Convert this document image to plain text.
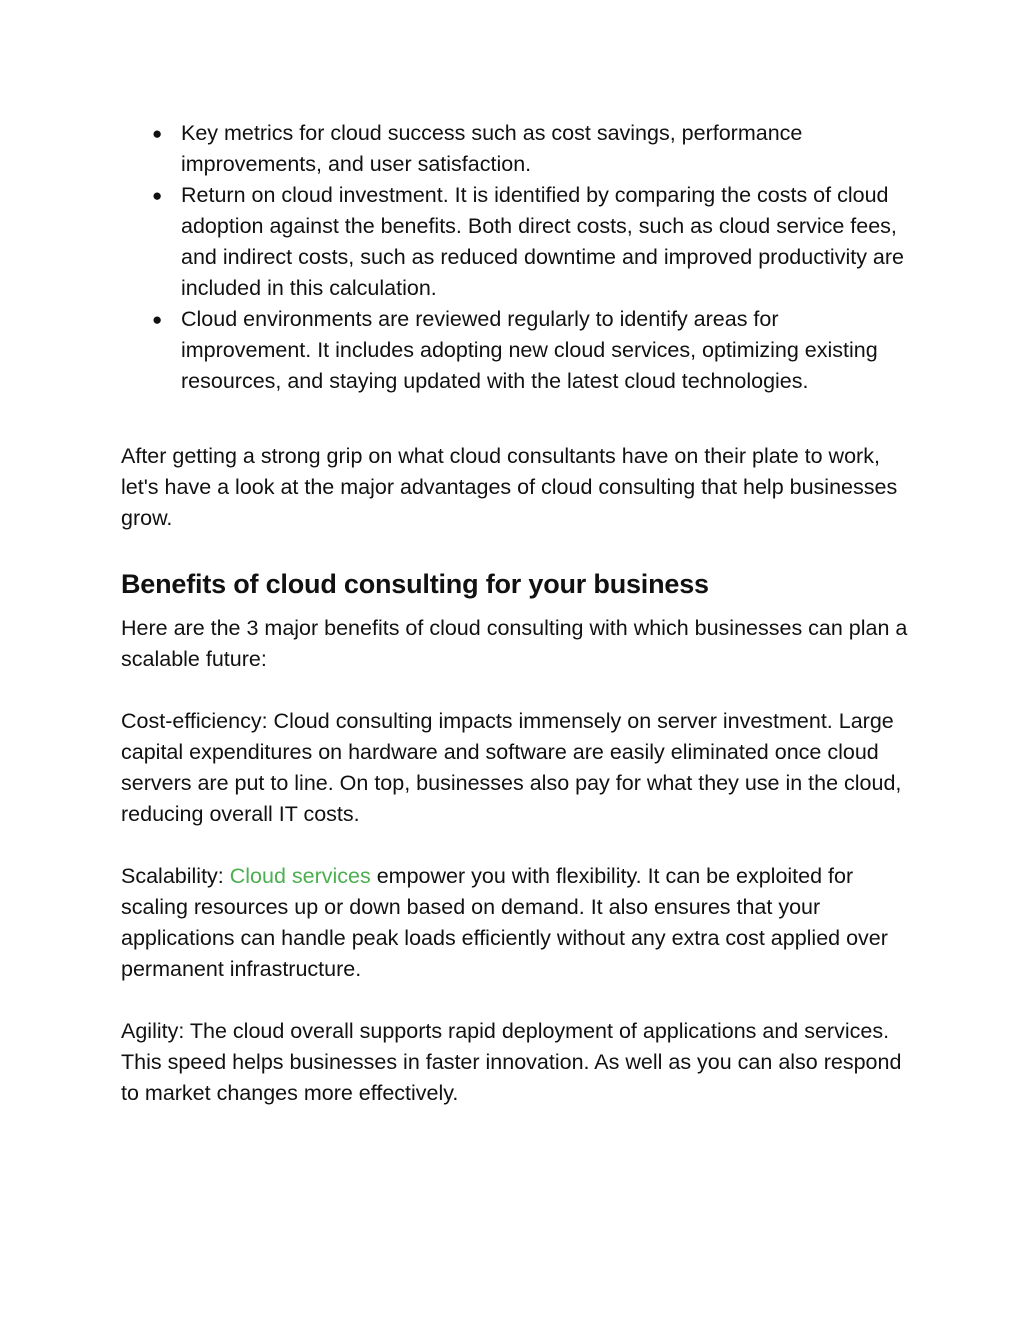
● Key metrics for cloud success such as cost savings, performance improvements, and user satisfaction.
● Return on cloud investment. It is identified by comparing the costs of cloud adoption against the benefits. Both direct costs, such as cloud service fees, and indirect costs, such as reduced downtime and improved productivity are included in this calculation.
● Cloud environments are reviewed regularly to identify areas for improvement. It includes adopting new cloud services, optimizing existing resources, and staying updated with the latest cloud technologies.

After getting a strong grip on what cloud consultants have on their plate to work, let's have a look at the major advantages of cloud consulting that help businesses grow.

Benefits of cloud consulting for your business

Here are the 3 major benefits of cloud consulting with which businesses can plan a scalable future:

Cost-efficiency: Cloud consulting impacts immensely on server investment. Large capital expenditures on hardware and software are easily eliminated once cloud servers are put to line. On top, businesses also pay for what they use in the cloud, reducing overall IT costs.

Scalability: Cloud services empower you with flexibility. It can be exploited for scaling resources up or down based on demand. It also ensures that your applications can handle peak loads efficiently without any extra cost applied over permanent infrastructure.

Agility: The cloud overall supports rapid deployment of applications and services. This speed helps businesses in faster innovation. As well as you can also respond to market changes more effectively.
